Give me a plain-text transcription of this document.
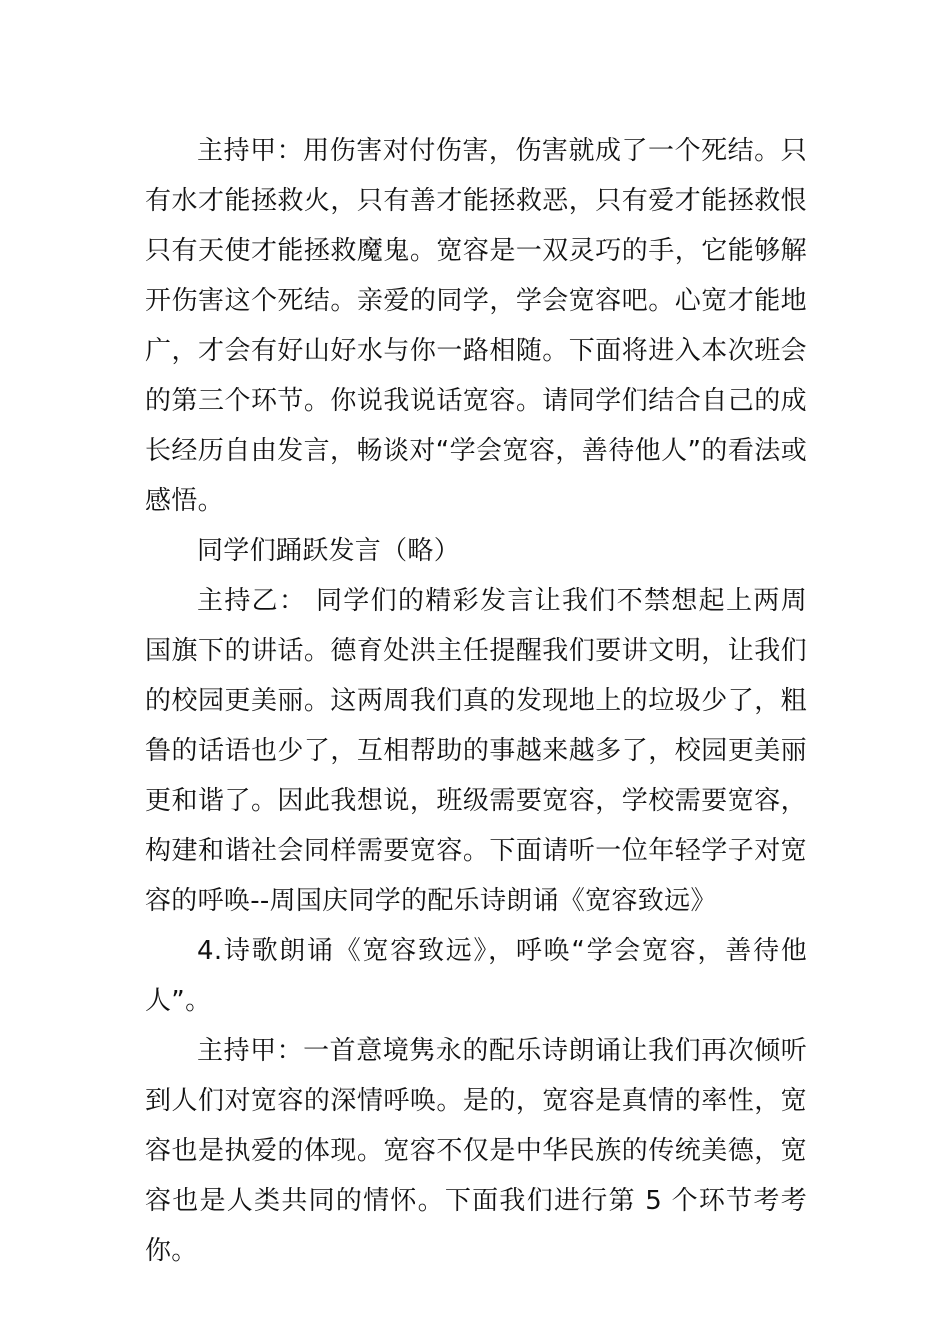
主持甲：用伤害对付伤害，伤害就成了一个死结。只有水才能拯救火，只有善才能拯救恶，只有爱才能拯救恨只有天使才能拯救魔鬼。宽容是一双灵巧的手，它能够解开伤害这个死结。亲爱的同学，学会宽容吧。心宽才能地广，才会有好山好水与你一路相随。下面将进入本次班会的第三个环节。你说我说话宽容。请同学们结合自己的成长经历自由发言，畅谈对“学会宽容，善待他人”的看法或感悟。

同学们踊跃发言（略）

主持乙： 同学们的精彩发言让我们不禁想起上两周国旗下的讲话。德育处洪主任提醒我们要讲文明，让我们的校园更美丽。这两周我们真的发现地上的垃圾少了，粗鲁的话语也少了，互相帮助的事越来越多了，校园更美丽更和谐了。因此我想说，班级需要宽容，学校需要宽容，构建和谐社会同样需要宽容。下面请听一位年轻学子对宽容的呼唤--周国庆同学的配乐诗朗诵《宽容致远》

4.诗歌朗诵《宽容致远》，呼唤“学会宽容，善待他人”。

主持甲：一首意境隽永的配乐诗朗诵让我们再次倾听到人们对宽容的深情呼唤。是的，宽容是真情的率性，宽容也是执爱的体现。宽容不仅是中华民族的传统美德，宽容也是人类共同的情怀。下面我们进行第 5 个环节考考你。
